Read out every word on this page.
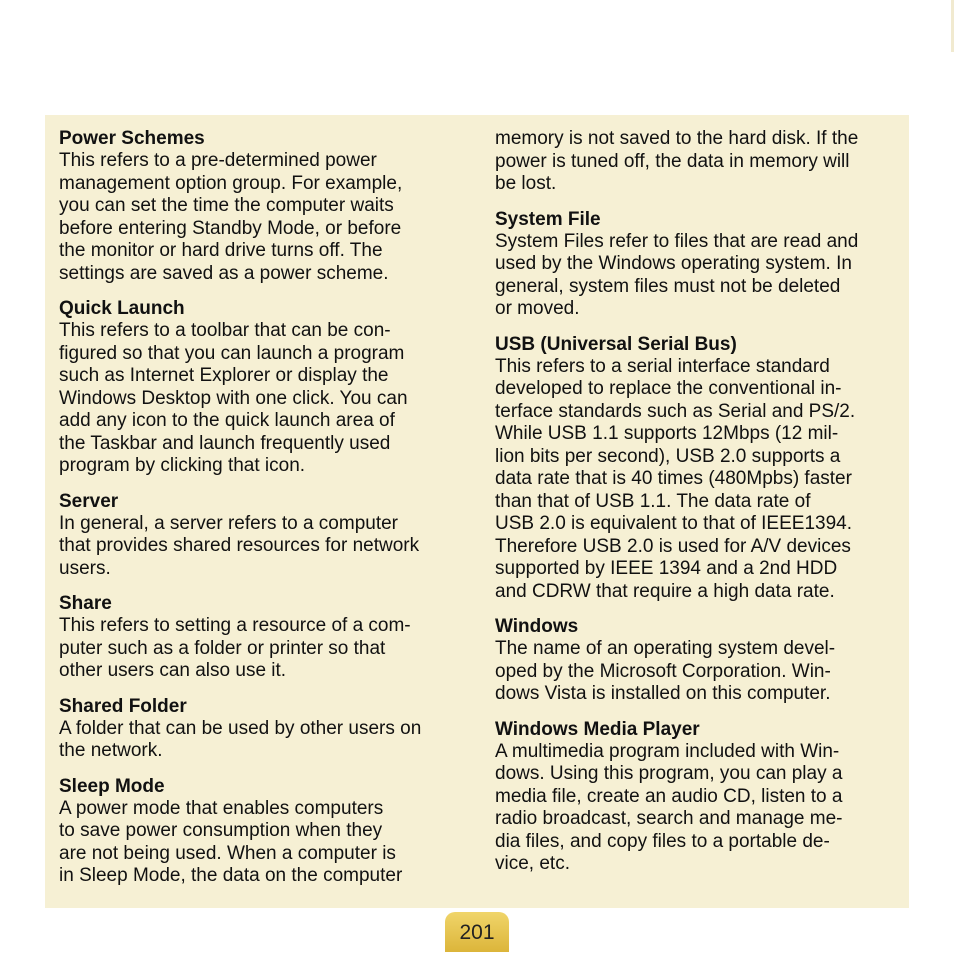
Power Schemes

This refers to a pre-determined power
management option group. For example,
you can set the time the computer waits
before entering Standby Mode, or before
the monitor or hard drive turns off. The
settings are saved as a power scheme.

Quick Launch

This refers to a toolbar that can be con-
figured so that you can launch a program
such as Internet Explorer or display the
Windows Desktop with one click. You can
add any icon to the quick launch area of
the Taskbar and launch frequently used
program by clicking that icon.

Server

In general, a server refers to a computer
that provides shared resources for network
users.

Share

This refers to setting a resource of a com-
puter such as a folder or printer so that
other users can also use it.

Shared Folder

A folder that can be used by other users on
the network.

Sleep Mode

A power mode that enables computers
to save power consumption when they
are not being used. When a computer is
in Sleep Mode, the data on the computer

memory is not saved to the hard disk. If the
power is tuned off, the data in memory will
be lost.

System File

System Files refer to files that are read and
used by the Windows operating system. In
general, system files must not be deleted
or moved.

USB (Universal Serial Bus)

This refers to a serial interface standard
developed to replace the conventional in-
terface standards such as Serial and PS/2.
While USB 1.1 supports 12Mbps (12 mil-
lion bits per second), USB 2.0 supports a
data rate that is 40 times (480Mpbs) faster
than that of USB 1.1. The data rate of
USB 2.0 is equivalent to that of IEEE1394.
Therefore USB 2.0 is used for A/V devices
supported by IEEE 1394 and a 2nd HDD
and CDRW that require a high data rate.

Windows

The name of an operating system devel-
oped by the Microsoft Corporation. Win-
dows Vista is installed on this computer.

Windows Media Player

A multimedia program included with Win-
dows. Using this program, you can play a
media file, create an audio CD, listen to a
radio broadcast, search and manage me-
dia files, and copy files to a portable de-
vice, etc.

201
